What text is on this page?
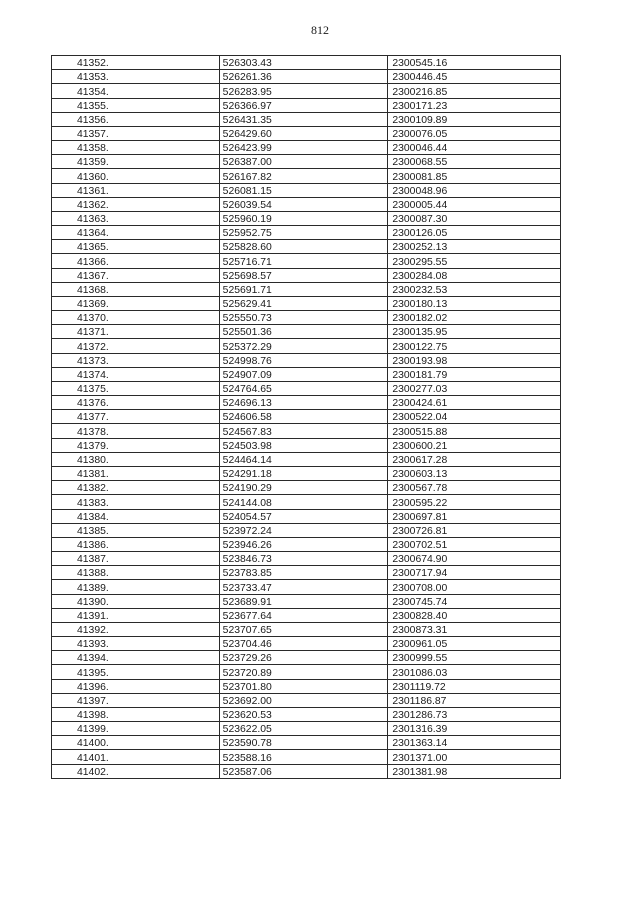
812
41352.	526303.43	2300545.16
41353.	526261.36	2300446.45
41354.	526283.95	2300216.85
41355.	526366.97	2300171.23
41356.	526431.35	2300109.89
41357.	526429.60	2300076.05
41358.	526423.99	2300046.44
41359.	526387.00	2300068.55
41360.	526167.82	2300081.85
41361.	526081.15	2300048.96
41362.	526039.54	2300005.44
41363.	525960.19	2300087.30
41364.	525952.75	2300126.05
41365.	525828.60	2300252.13
41366.	525716.71	2300295.55
41367.	525698.57	2300284.08
41368.	525691.71	2300232.53
41369.	525629.41	2300180.13
41370.	525550.73	2300182.02
41371.	525501.36	2300135.95
41372.	525372.29	2300122.75
41373.	524998.76	2300193.98
41374.	524907.09	2300181.79
41375.	524764.65	2300277.03
41376.	524696.13	2300424.61
41377.	524606.58	2300522.04
41378.	524567.83	2300515.88
41379.	524503.98	2300600.21
41380.	524464.14	2300617.28
41381.	524291.18	2300603.13
41382.	524190.29	2300567.78
41383.	524144.08	2300595.22
41384.	524054.57	2300697.81
41385.	523972.24	2300726.81
41386.	523946.26	2300702.51
41387.	523846.73	2300674.90
41388.	523783.85	2300717.94
41389.	523733.47	2300708.00
41390.	523689.91	2300745.74
41391.	523677.64	2300828.40
41392.	523707.65	2300873.31
41393.	523704.46	2300961.05
41394.	523729.26	2300999.55
41395.	523720.89	2301086.03
41396.	523701.80	2301119.72
41397.	523692.00	2301186.87
41398.	523620.53	2301286.73
41399.	523622.05	2301316.39
41400.	523590.78	2301363.14
41401.	523588.16	2301371.00
41402.	523587.06	2301381.98
